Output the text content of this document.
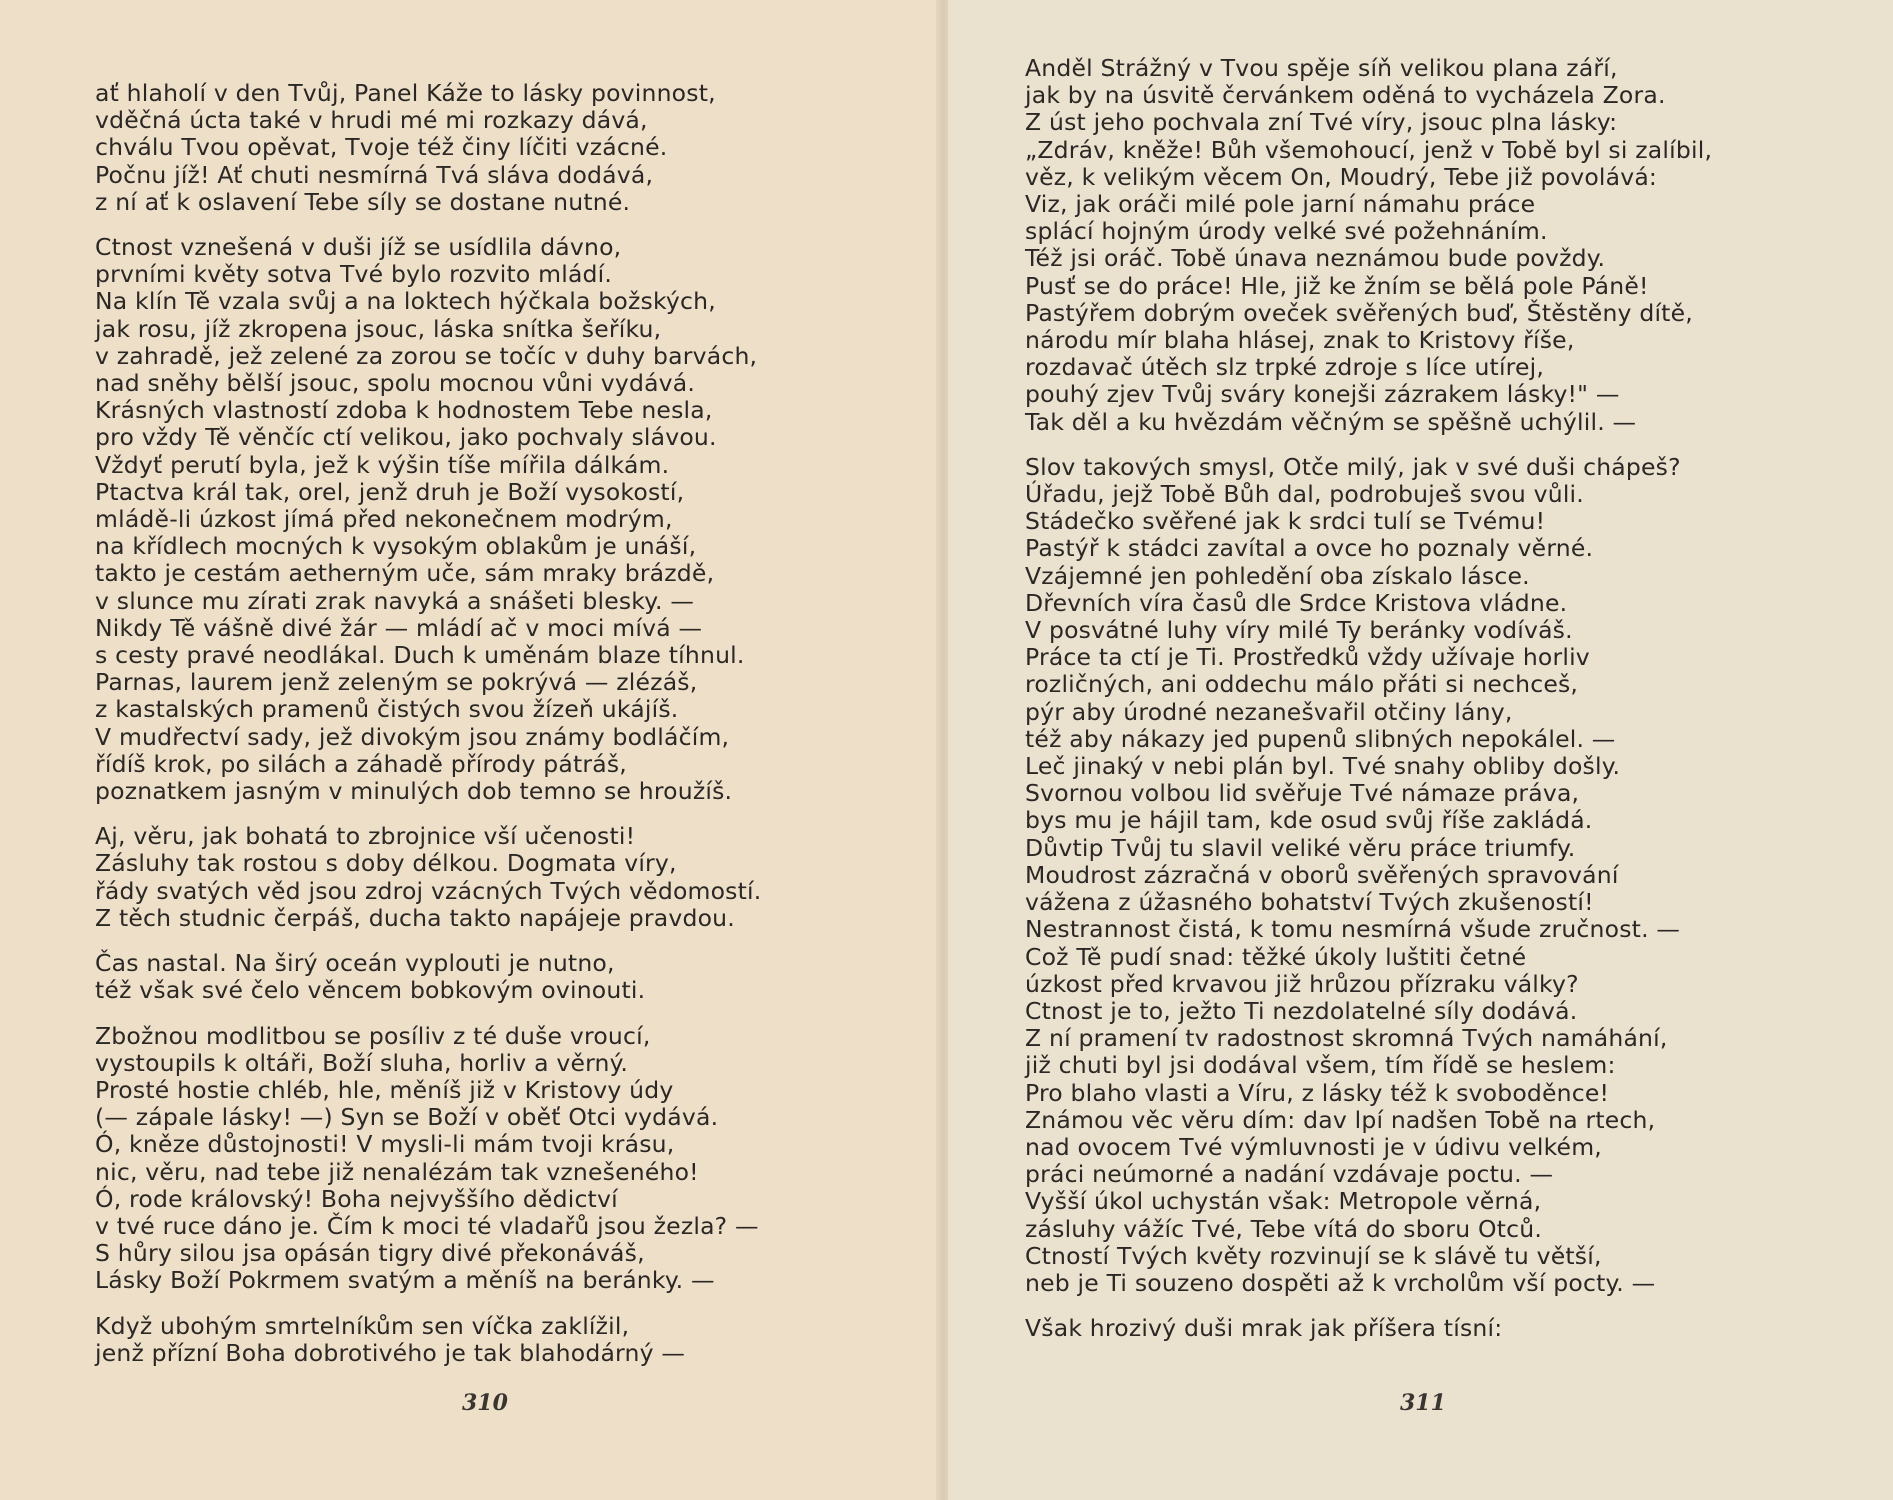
ať hlaholí v den Tvůj, Panel Káže to lásky povinnost,
vděčná úcta také v hrudi mé mi rozkazy dává,
chválu Tvou opěvat, Tvoje též činy líčiti vzácné.
Počnu jíž! Ať chuti nesmírná Tvá sláva dodává,
z ní ať k oslavení Tebe síly se dostane nutné.
Ctnost vznešená v duši jíž se usídlila dávno,
prvními květy sotva Tvé bylo rozvito mládí.
Na klín Tě vzala svůj a na loktech hýčkala božských,
jak rosu, jíž zkropena jsouc, láska snítka šeříku,
v zahradě, jež zelené za zorou se točíc v duhy barvách,
nad sněhy bělší jsouc, spolu mocnou vůni vydává.
Krásných vlastností zdoba k hodnostem Tebe nesla,
pro vždy Tě věnčíc ctí velikou, jako pochvaly slávou.
Vždyť perutí byla, jež k výšin tíše mířila dálkám.
Ptactva král tak, orel, jenž druh je Boží vysokostí,
mládě-li úzkost jímá před nekonečnem modrým,
na křídlech mocných k vysokým oblakům je unáší,
takto je cestám aetherným uče, sám mraky brázdě,
v slunce mu zírati zrak navyká a snášeti blesky. —
Nikdy Tě vášně divé žár — mládí ač v moci mívá —
s cesty pravé neodlákal. Duch k uměnám blaze tíhnul.
Parnas, laurem jenž zeleným se pokrývá — zlézáš,
z kastalských pramenů čistých svou žízeň ukájíš.
V mudřectví sady, jež divokým jsou známy bodláčím,
řídíš krok, po silách a záhadě přírody pátráš,
poznatkem jasným v minulých dob temno se hroužíš.
Aj, věru, jak bohatá to zbrojnice vší učenosti!
Zásluhy tak rostou s doby délkou. Dogmata víry,
řády svatých věd jsou zdroj vzácných Tvých vědomostí.
Z těch studnic čerpáš, ducha takto napájeje pravdou.
Čas nastal. Na širý oceán vyplouti je nutno,
též však své čelo věncem bobkovým ovinouti.
Zbožnou modlitbou se posíliv z té duše vroucí,
vystoupils k oltáři, Boží sluha, horliv a věrný.
Prosté hostie chléb, hle, měníš již v Kristovy údy
(— zápale lásky! —) Syn se Boží v oběť Otci vydává.
Ó, kněze důstojnosti! V mysli-li mám tvoji krásu,
nic, věru, nad tebe již nenalézám tak vznešeného!
Ó, rode královský! Boha nejvyššího dědictví
v tvé ruce dáno je. Čím k moci té vladařů jsou žezla? —
S hůry silou jsa opásán tigry divé překonáváš,
Lásky Boží Pokrmem svatým a měníš na beránky. —
Když ubohým smrtelníkům sen víčka zaklížil,
jenž přízní Boha dobrotivého je tak blahodárný —
310
Anděl Strážný v Tvou spěje síň velikou plana září,
jak by na úsvitě červánkem oděná to vycházela Zora.
Z úst jeho pochvala zní Tvé víry, jsouc plna lásky:
„Zdráv, kněže! Bůh všemohoucí, jenž v Tobě byl si zalíbil,
věz, k velikým věcem On, Moudrý, Tebe již povolává:
Viz, jak oráči milé pole jarní námahu práce
splácí hojným úrody velké své požehnáním.
Též jsi oráč. Tobě únava neznámou bude povždy.
Pusť se do práce! Hle, již ke žním se bělá pole Páně!
Pastýřem dobrým oveček svěřených buď, Štěstěny dítě,
národu mír blaha hlásej, znak to Kristovy říše,
rozdavač útěch slz trpké zdroje s líce utírej,
pouhý zjev Tvůj sváry konejši zázrakem lásky!" —
Tak děl a ku hvězdám věčným se spěšně uchýlil. —
Slov takových smysl, Otče milý, jak v své duši chápeš?
Úřadu, jejž Tobě Bůh dal, podrobuješ svou vůli.
Stádečko svěřené jak k srdci tulí se Tvému!
Pastýř k stádci zavítal a ovce ho poznaly věrné.
Vzájemné jen pohledění oba získalo lásce.
Dřevních víra časů dle Srdce Kristova vládne.
V posvátné luhy víry milé Ty beránky vodíváš.
Práce ta ctí je Ti. Prostředků vždy užívaje horliv
rozličných, ani oddechu málo přáti si nechceš,
pýr aby úrodné nezanešvařil otčiny lány,
též aby nákazy jed pupenů slibných nepokálel. —
Leč jinaký v nebi plán byl. Tvé snahy obliby došly.
Svornou volbou lid svěřuje Tvé námaze práva,
bys mu je hájil tam, kde osud svůj říše zakládá.
Důvtip Tvůj tu slavil veliké věru práce triumfy.
Moudrost zázračná v oborů svěřených spravování
vážena z úžasného bohatství Tvých zkušeností!
Nestrannost čistá, k tomu nesmírná všude zručnost. —
Což Tě pudí snad: těžké úkoly luštiti četné
úzkost před krvavou již hrůzou přízraku války?
Ctnost je to, ježto Ti nezdolatelné síly dodává.
Z ní pramení tv radostnost skromná Tvých namáhání,
již chuti byl jsi dodával všem, tím řídě se heslem:
Pro blaho vlasti a Víru, z lásky též k svoboděnce!
Známou věc věru dím: dav lpí nadšen Tobě na rtech,
nad ovocem Tvé výmluvnosti je v údivu velkém,
práci neúmorné a nadání vzdávaje poctu. —
Vyšší úkol uchystán však: Metropole věrná,
zásluhy vážíc Tvé, Tebe vítá do sboru Otců.
Ctností Tvých květy rozvinují se k slávě tu větší,
neb je Ti souzeno dospěti až k vrcholům vší pocty. —
Však hrozivý duši mrak jak příšera tísní:
311
